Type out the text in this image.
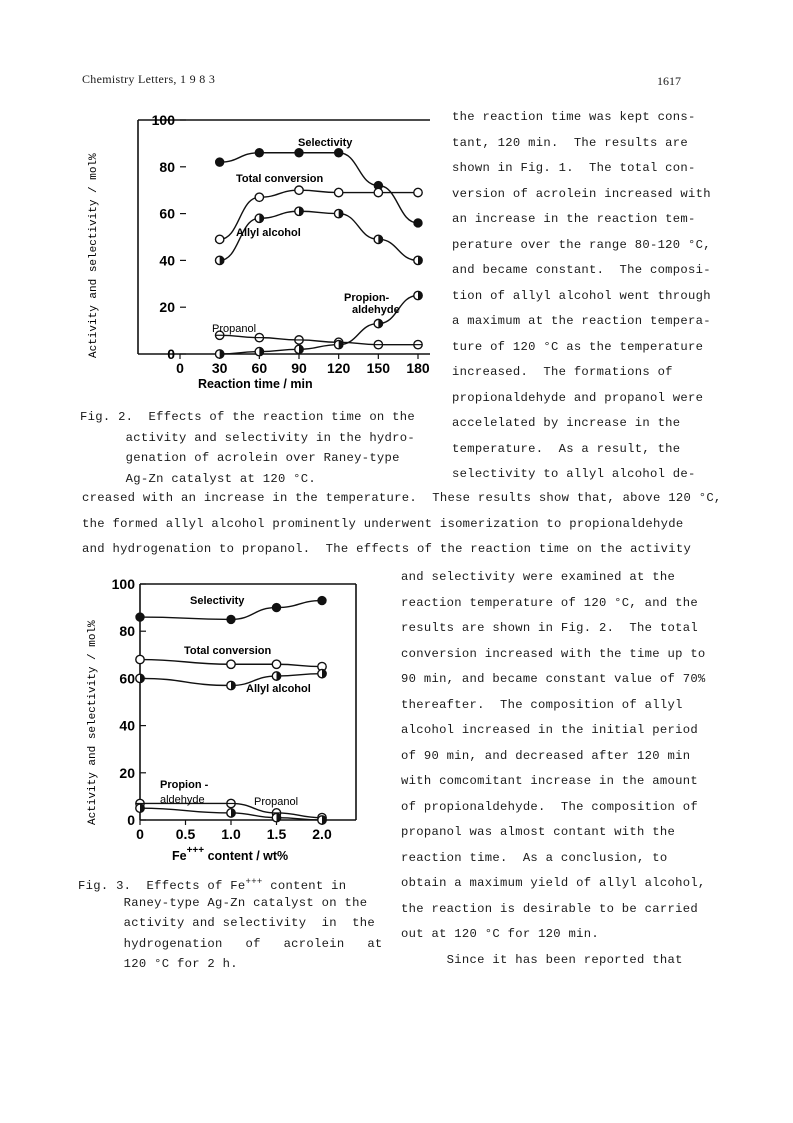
Chemistry Letters, 1 9 8 3	1617
0 30 60 90 120 150 180
0
20
40
60
80
100
Selectivity
Total conversion
Allyl alcohol
Propanol
Propion-
aldehyde
Reaction time / min
Activity and selectivity / mol%
Fig. 2.  Effects of the reaction time on the
activity and selectivity in the hydro-
genation of acrolein over Raney-type
Ag-Zn catalyst at 120 °C.
the reaction time was kept cons-
tant, 120 min.  The results are
shown in Fig. 1.  The total con-
version of acrolein increased with
an increase in the reaction tem-
perature over the range 80-120 °C,
and became constant.  The composi-
tion of allyl alcohol went through
a maximum at the reaction tempera-
ture of 120 °C as the temperature
increased.  The formations of
propionaldehyde and propanol were
accelelated by increase in the
temperature.  As a result, the
selectivity to allyl alcohol de-
creased with an increase in the temperature.  These results show that, above 120 °C,
the formed allyl alcohol prominently underwent isomerization to propionaldehyde
and hydrogenation to propanol.  The effects of the reaction time on the activity
0 0.5 1.0 1.5 2.0
0
20
40
60
80
100
Selectivity
Total conversion
Allyl alcohol
Propanol
Propion -
aldehyde
Fe+++ content / wt%
Activity and selectivity / mol%
Fig. 3.  Effects of Fe+++ content in
Raney-type Ag-Zn catalyst on the
activity and selectivity  in  the
hydrogenation   of   acrolein   at
120 °C for 2 h.
and selectivity were examined at the
reaction temperature of 120 °C, and the
results are shown in Fig. 2.  The total
conversion increased with the time up to
90 min, and became constant value of 70%
thereafter.  The composition of allyl
alcohol increased in the initial period
of 90 min, and decreased after 120 min
with comcomitant increase in the amount
of propionaldehyde.  The composition of
propanol was almost contant with the
reaction time.  As a conclusion, to
obtain a maximum yield of allyl alcohol,
the reaction is desirable to be carried
out at 120 °C for 120 min.
Since it has been reported that
